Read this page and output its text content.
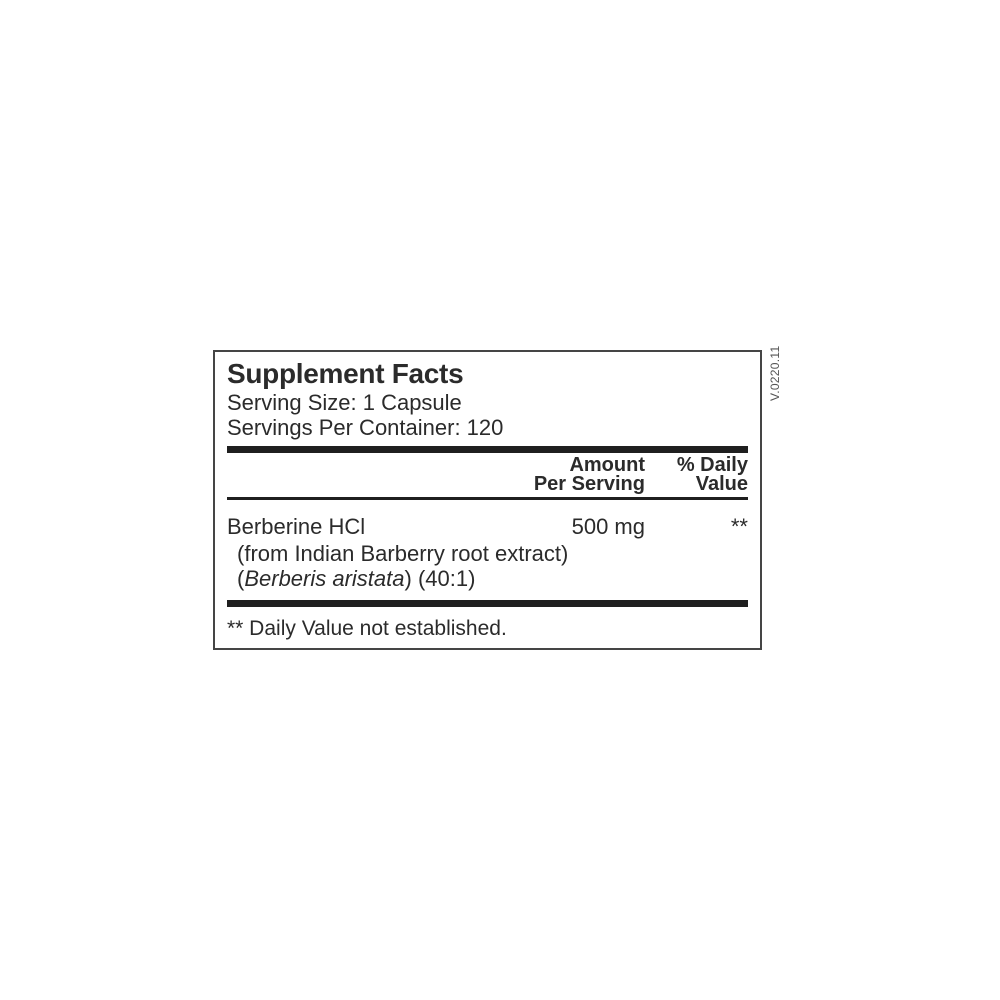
Supplement Facts
Serving Size: 1 Capsule
Servings Per Container: 120
Amount
Per Serving
% Daily
Value
Berberine HCl	500 mg	**
(from Indian Barberry root extract)
(Berberis aristata) (40:1)
** Daily Value not established.
V.0220.11
